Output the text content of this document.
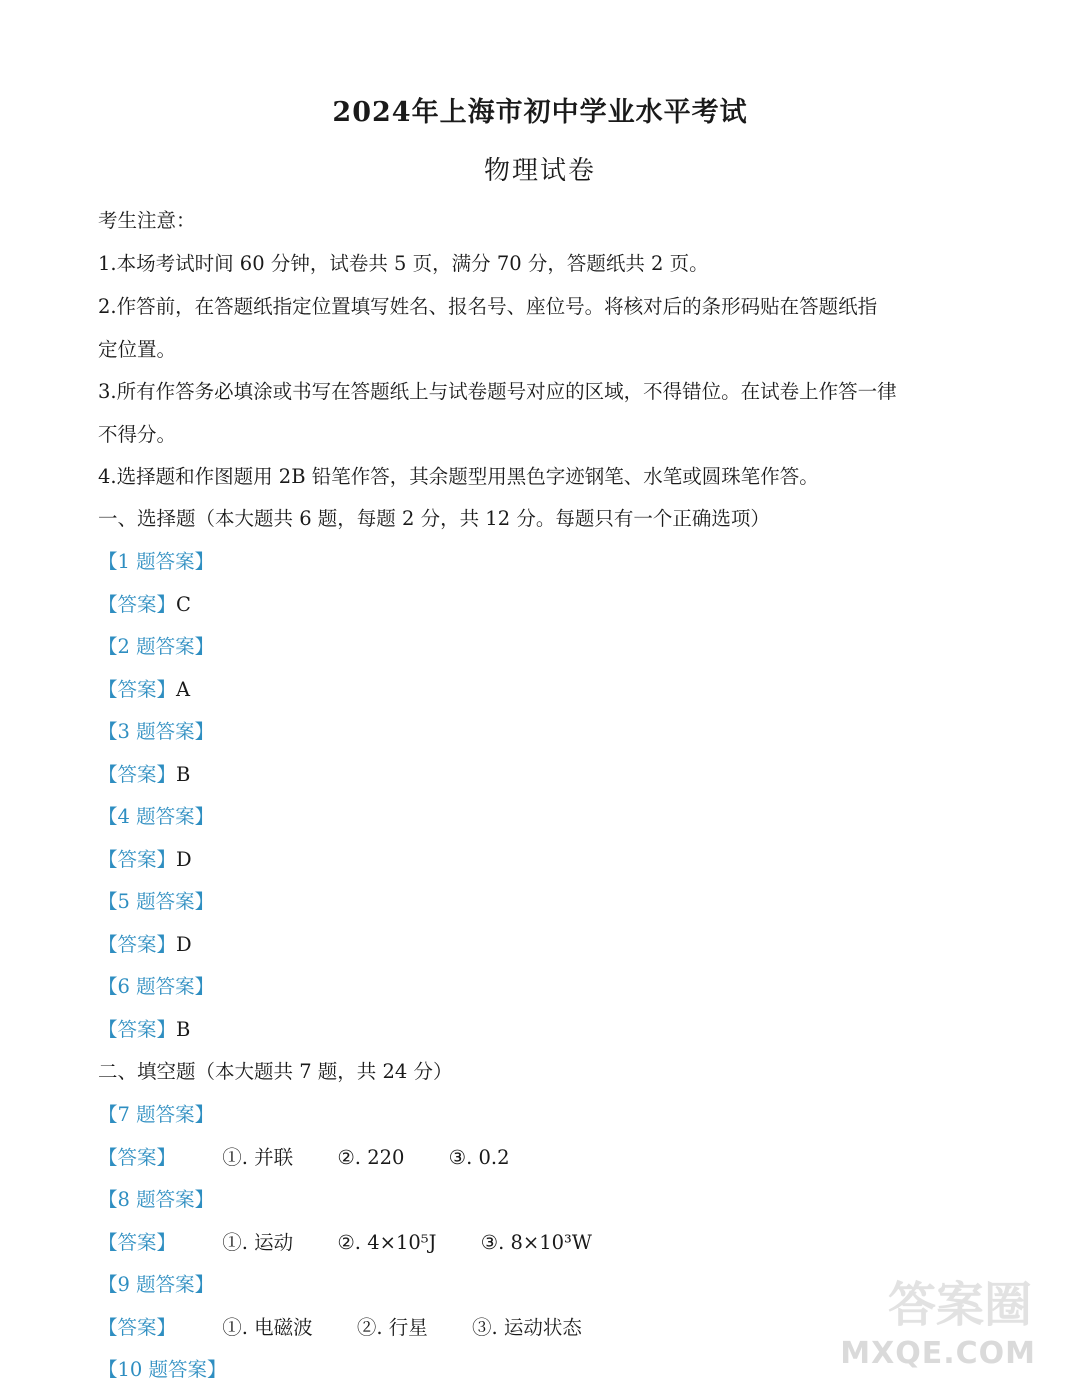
2024年上海市初中学业水平考试
物理试卷
考生注意：
1.本场考试时间 60 分钟，试卷共 5 页，满分 70 分，答题纸共 2 页。
2.作答前，在答题纸指定位置填写姓名、报名号、座位号。将核对后的条形码贴在答题纸指
定位置。
3.所有作答务必填涂或书写在答题纸上与试卷题号对应的区域，不得错位。在试卷上作答一律
不得分。
4.选择题和作图题用 2B 铅笔作答，其余题型用黑色字迹钢笔、水笔或圆珠笔作答。
一、选择题（本大题共 6 题，每题 2 分，共 12 分。每题只有一个正确选项）
【1 题答案】
【答案】C
【2 题答案】
【答案】A
【3 题答案】
【答案】B
【4 题答案】
【答案】D
【5 题答案】
【答案】D
【6 题答案】
【答案】B
二、填空题（本大题共 7 题，共 24 分）
【7 题答案】
【答案】 ①. 并联 ②. 220 ③. 0.2
【8 题答案】
【答案】 ①. 运动 ②. 4×10⁵J ③. 8×10³W
【9 题答案】
【答案】 ①. 电磁波 ②. 行星 ③. 运动状态
【10 题答案】
答案圈
MXQE.COM
